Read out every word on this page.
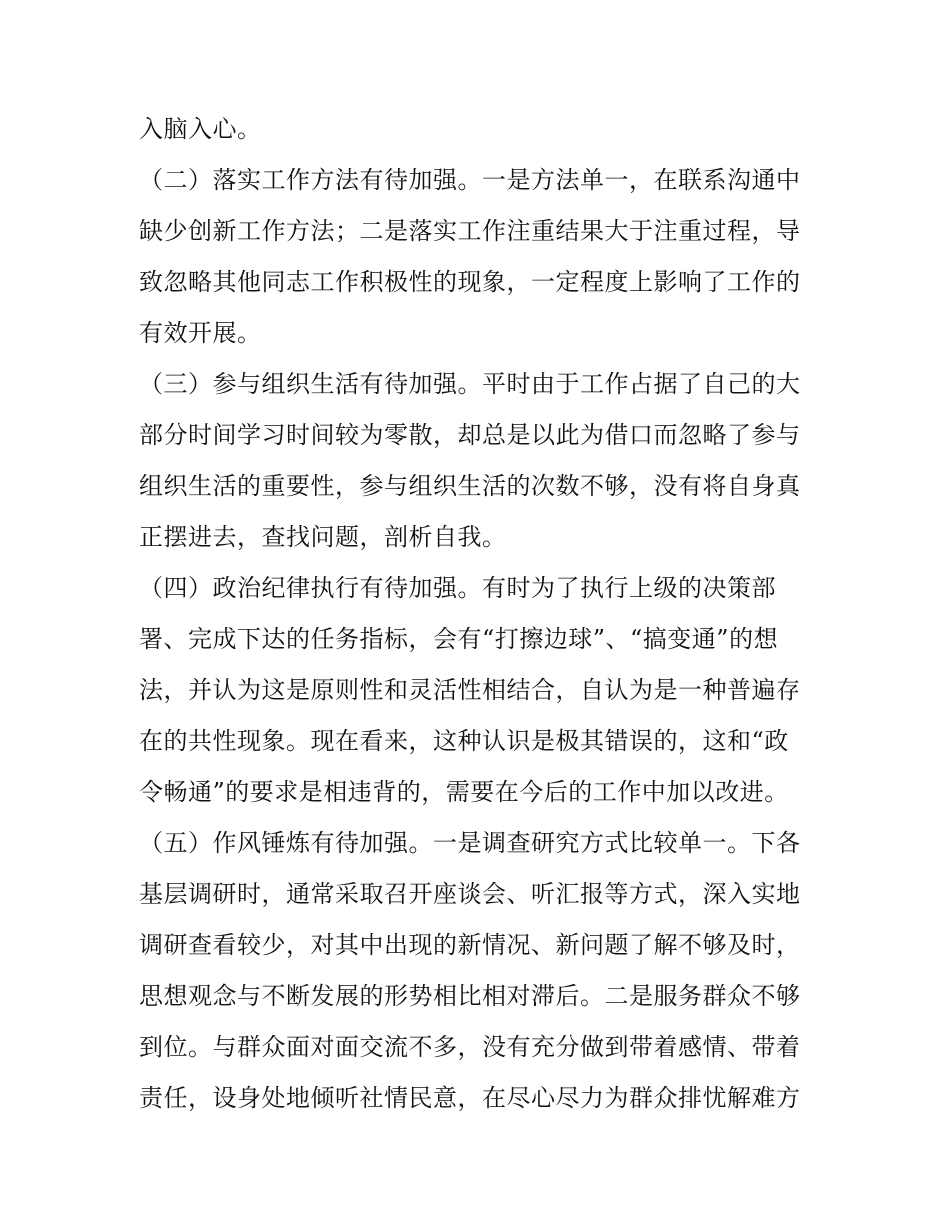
入脑入心。
（二）落实工作方法有待加强。一是方法单一，在联系沟通中
缺少创新工作方法；二是落实工作注重结果大于注重过程，导
致忽略其他同志工作积极性的现象，一定程度上影响了工作的
有效开展。
（三）参与组织生活有待加强。平时由于工作占据了自己的大
部分时间学习时间较为零散，却总是以此为借口而忽略了参与
组织生活的重要性，参与组织生活的次数不够，没有将自身真
正摆进去，查找问题，剖析自我。
（四）政治纪律执行有待加强。有时为了执行上级的决策部
署、完成下达的任务指标，会有“打擦边球”、“搞变通”的想
法，并认为这是原则性和灵活性相结合，自认为是一种普遍存
在的共性现象。现在看来，这种认识是极其错误的，这和“政
令畅通”的要求是相违背的，需要在今后的工作中加以改进。
（五）作风锤炼有待加强。一是调查研究方式比较单一。下各
基层调研时，通常采取召开座谈会、听汇报等方式，深入实地
调研查看较少，对其中出现的新情况、新问题了解不够及时，
思想观念与不断发展的形势相比相对滞后。二是服务群众不够
到位。与群众面对面交流不多，没有充分做到带着感情、带着
责任，设身处地倾听社情民意，在尽心尽力为群众排忧解难方
